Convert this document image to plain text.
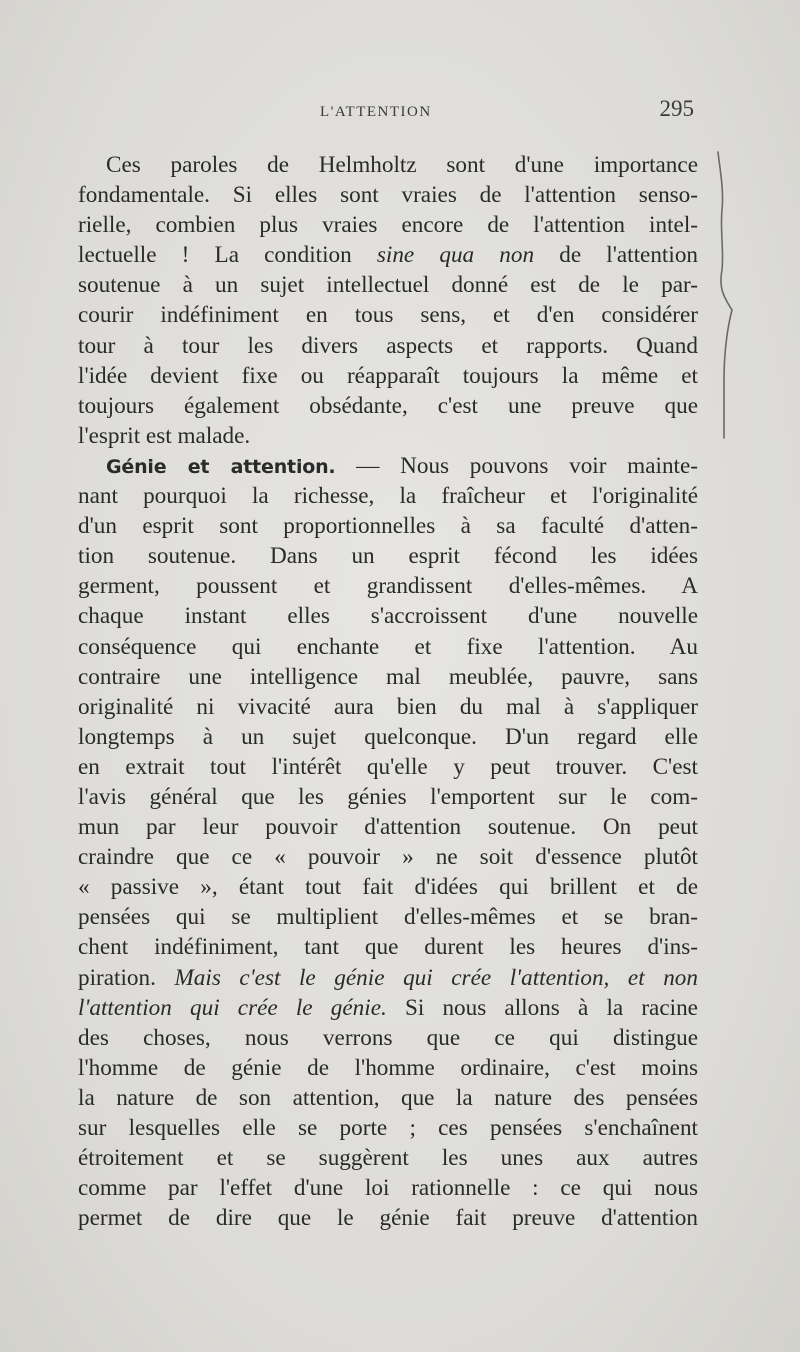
L'ATTENTION	295
Ces paroles de Helmholtz sont d'une importance
fondamentale. Si elles sont vraies de l'attention senso-
rielle, combien plus vraies encore de l'attention intel-
lectuelle ! La condition sine qua non de l'attention
soutenue à un sujet intellectuel donné est de le par-
courir indéfiniment en tous sens, et d'en considérer
tour à tour les divers aspects et rapports. Quand
l'idée devient fixe ou réapparaît toujours la même et
toujours également obsédante, c'est une preuve que
l'esprit est malade.
Génie et attention. — Nous pouvons voir mainte-
nant pourquoi la richesse, la fraîcheur et l'originalité
d'un esprit sont proportionnelles à sa faculté d'atten-
tion soutenue. Dans un esprit fécond les idées
germent, poussent et grandissent d'elles-mêmes. A
chaque instant elles s'accroissent d'une nouvelle
conséquence qui enchante et fixe l'attention. Au
contraire une intelligence mal meublée, pauvre, sans
originalité ni vivacité aura bien du mal à s'appliquer
longtemps à un sujet quelconque. D'un regard elle
en extrait tout l'intérêt qu'elle y peut trouver. C'est
l'avis général que les génies l'emportent sur le com-
mun par leur pouvoir d'attention soutenue. On peut
craindre que ce « pouvoir » ne soit d'essence plutôt
« passive », étant tout fait d'idées qui brillent et de
pensées qui se multiplient d'elles-mêmes et se bran-
chent indéfiniment, tant que durent les heures d'ins-
piration. Mais c'est le génie qui crée l'attention, et non
l'attention qui crée le génie. Si nous allons à la racine
des choses, nous verrons que ce qui distingue
l'homme de génie de l'homme ordinaire, c'est moins
la nature de son attention, que la nature des pensées
sur lesquelles elle se porte ; ces pensées s'enchaînent
étroitement et se suggèrent les unes aux autres
comme par l'effet d'une loi rationnelle : ce qui nous
permet de dire que le génie fait preuve d'attention
